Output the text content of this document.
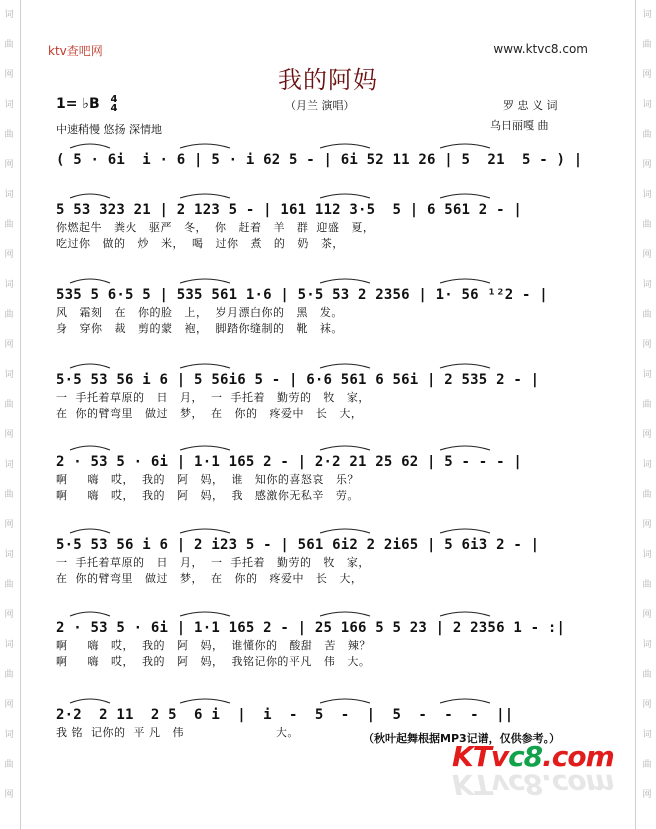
词
曲
网
词
曲
网
词
曲
网
词
曲
网
词
曲
网
词
曲
网
词
曲
网
词
曲
网
词
曲
网
词
曲
网
词
曲
网
词
曲
网
词
曲
网
词
曲
网
词
曲
网
词
曲
网
词
曲
网
词
曲
网
ktv查吧网	www.ktvc8.com
我的阿妈
1= ♭B 4
4	（月兰 演唱）	罗 忠 义 词
乌日丽嘎 曲
中速稍慢 悠扬 深情地
( 5 · 6i  i · 6 | 5 · i 62 5 - | 6i 52 11 26 | 5  21  5 - ) |
5 53 323 21 | 2 123 5 - | 161 112 3·5  5 | 6 561 2 - |
你燃起牛   粪火   驱严   冬，  你   赶着   羊   群  迎盛   夏，
吃过你   做的   炒   米，  喝   过你   煮   的   奶   茶，
535 5 6·5 5 | 535 561 1·6 | 5·5 53 2 2356 | 1· 56 ¹²2 - |
风   霜刻   在   你的脸   上，  岁月漂白你的   黑   发。
身   穿你   裁   剪的蒙   袍，  脚踏你缝制的   靴   袜。
5·5 53 56 i 6 | 5 56i6 5 - | 6·6 561 6 56i | 2 535 2 - |
一  手托着草原的   日   月，  一  手托着   勤劳的   牧   家，
在  你的臂弯里   做过   梦，  在   你的   疼爱中   长   大，
2 · 53 5 · 6i | 1·1 165 2 - | 2·2 21 25 62 | 5 - - - |
啊     嗨   哎，  我的   阿   妈，  谁   知你的喜怒哀   乐？
啊     嗨   哎，  我的   阿   妈，  我   感激你无私辛   劳。
5·5 53 56 i 6 | 2 i23 5 - | 561 6i2 2 2i65 | 5 6i3 2 - |
一  手托着草原的   日   月，  一  手托着   勤劳的   牧   家，
在  你的臂弯里   做过   梦，  在   你的   疼爱中   长   大，
2 · 53 5 · 6i | 1·1 165 2 - | 25 166 5 5 23 | 2 2356 1 - :|
啊     嗨   哎，  我的   阿   妈，  谁懂你的   酸甜   苦   辣？
啊     嗨   哎，  我的   阿   妈，  我铭记你的平凡   伟   大。
2·2  2 11  2 5  6 i  |  i  -  5  -  |  5  -  -  -  ||
我 铭  记你的  平 凡   伟                       大。	（秋叶起舞根据MP3记谱，仅供参考。）
KTvc8.com
KTvc8.com
